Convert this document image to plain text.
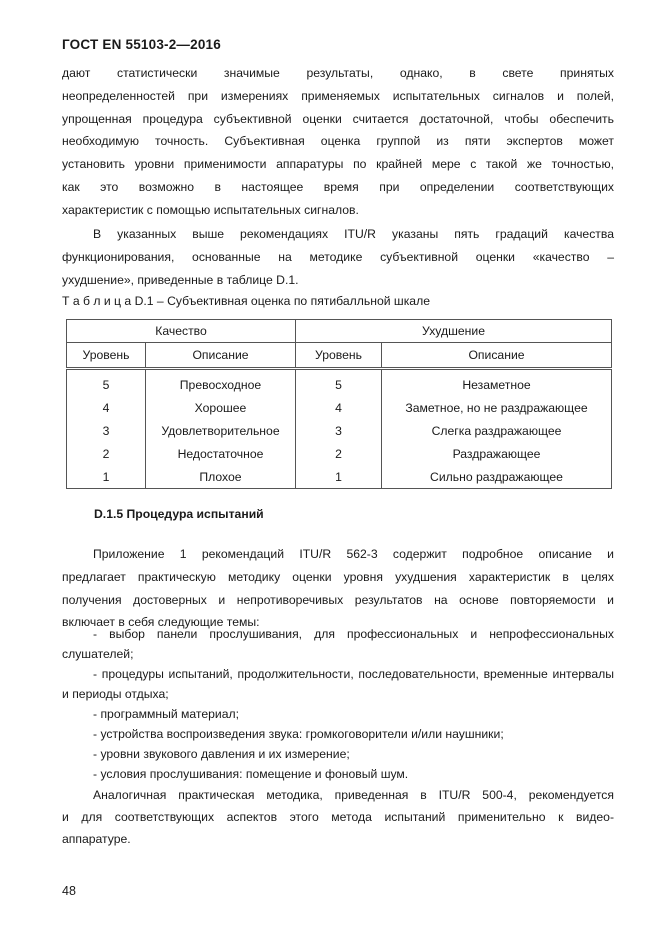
ГОСТ EN 55103-2—2016
дают статистически значимые результаты, однако, в свете принятых
неопределенностей при измерениях применяемых испытательных сигналов и полей,
упрощенная процедура субъективной оценки считается достаточной, чтобы обеспечить
необходимую точность. Субъективная оценка группой из пяти экспертов может
установить уровни применимости аппаратуры по крайней мере с такой же точностью,
как это возможно в настоящее время при определении соответствующих
характеристик с помощью испытательных сигналов.
В указанных выше рекомендациях ITU/R указаны пять градаций качества
функционирования, основанные на методике субъективной оценки «качество –
ухудшение», приведенные в таблице D.1.
Т а б л и ц а D.1 – Субъективная оценка по пятибалльной шкале
Качество		Ухудшение	
Уровень	Описание	Уровень	Описание
5	Превосходное	5	Незаметное
4	Хорошее	4	Заметное, но не раздражающее
3	Удовлетворительное	3	Слегка раздражающее
2	Недостаточное	2	Раздражающее
1	Плохое	1	Сильно раздражающее
D.1.5 Процедура испытаний
Приложение 1 рекомендаций ITU/R 562-3 содержит подробное описание и
предлагает практическую методику оценки уровня ухудшения характеристик в целях
получения достоверных и непротиворечивых результатов на основе повторяемости и
включает в себя следующие темы:
- выбор панели прослушивания, для профессиональных и непрофессиональных слушателей;
- процедуры испытаний, продолжительности, последовательности, временные интервалы и периоды отдыха;
- программный материал;
- устройства воспроизведения звука: громкоговорители и/или наушники;
- уровни звукового давления и их измерение;
- условия прослушивания: помещение и фоновый шум.
Аналогичная практическая методика, приведенная в ITU/R 500-4, рекомендуется
и для соответствующих аспектов этого метода испытаний применительно к видео-
аппаратуре.
48
